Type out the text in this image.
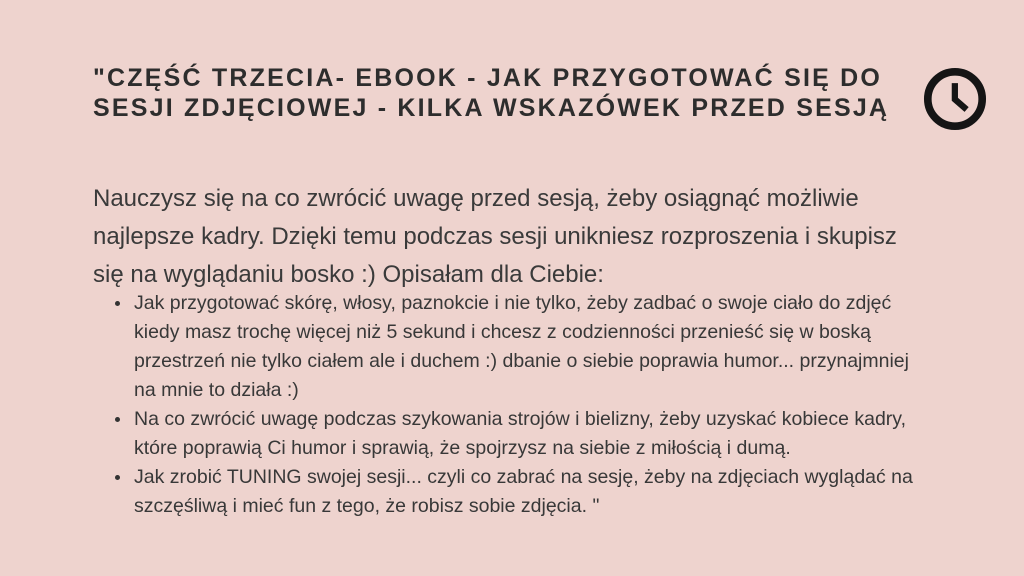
"CZĘŚĆ TRZECIA- EBOOK - JAK PRZYGOTOWAĆ SIĘ DO SESJI ZDJĘCIOWEJ - KILKA WSKAZÓWEK PRZED SESJĄ

Nauczysz się na co zwrócić uwagę przed sesją, żeby osiągnąć możliwie najlepsze kadry. Dzięki temu podczas sesji unikniesz rozproszenia i skupisz się na wyglądaniu bosko :) Opisałam dla Ciebie:

• Jak przygotować skórę, włosy, paznokcie i nie tylko, żeby zadbać o swoje ciało do zdjęć kiedy masz trochę więcej niż 5 sekund i chcesz z codzienności przenieść się w boską przestrzeń nie tylko ciałem ale i duchem :) dbanie o siebie poprawia humor... przynajmniej na mnie to działa :)
• Na co zwrócić uwagę podczas szykowania strojów i bielizny, żeby uzyskać kobiece kadry, które poprawią Ci humor i sprawią, że spojrzysz na siebie z miłością i dumą.
• Jak zrobić TUNING swojej sesji... czyli co zabrać na sesję, żeby na zdjęciach wyglądać na szczęśliwą i mieć fun z tego, że robisz sobie zdjęcia. "
